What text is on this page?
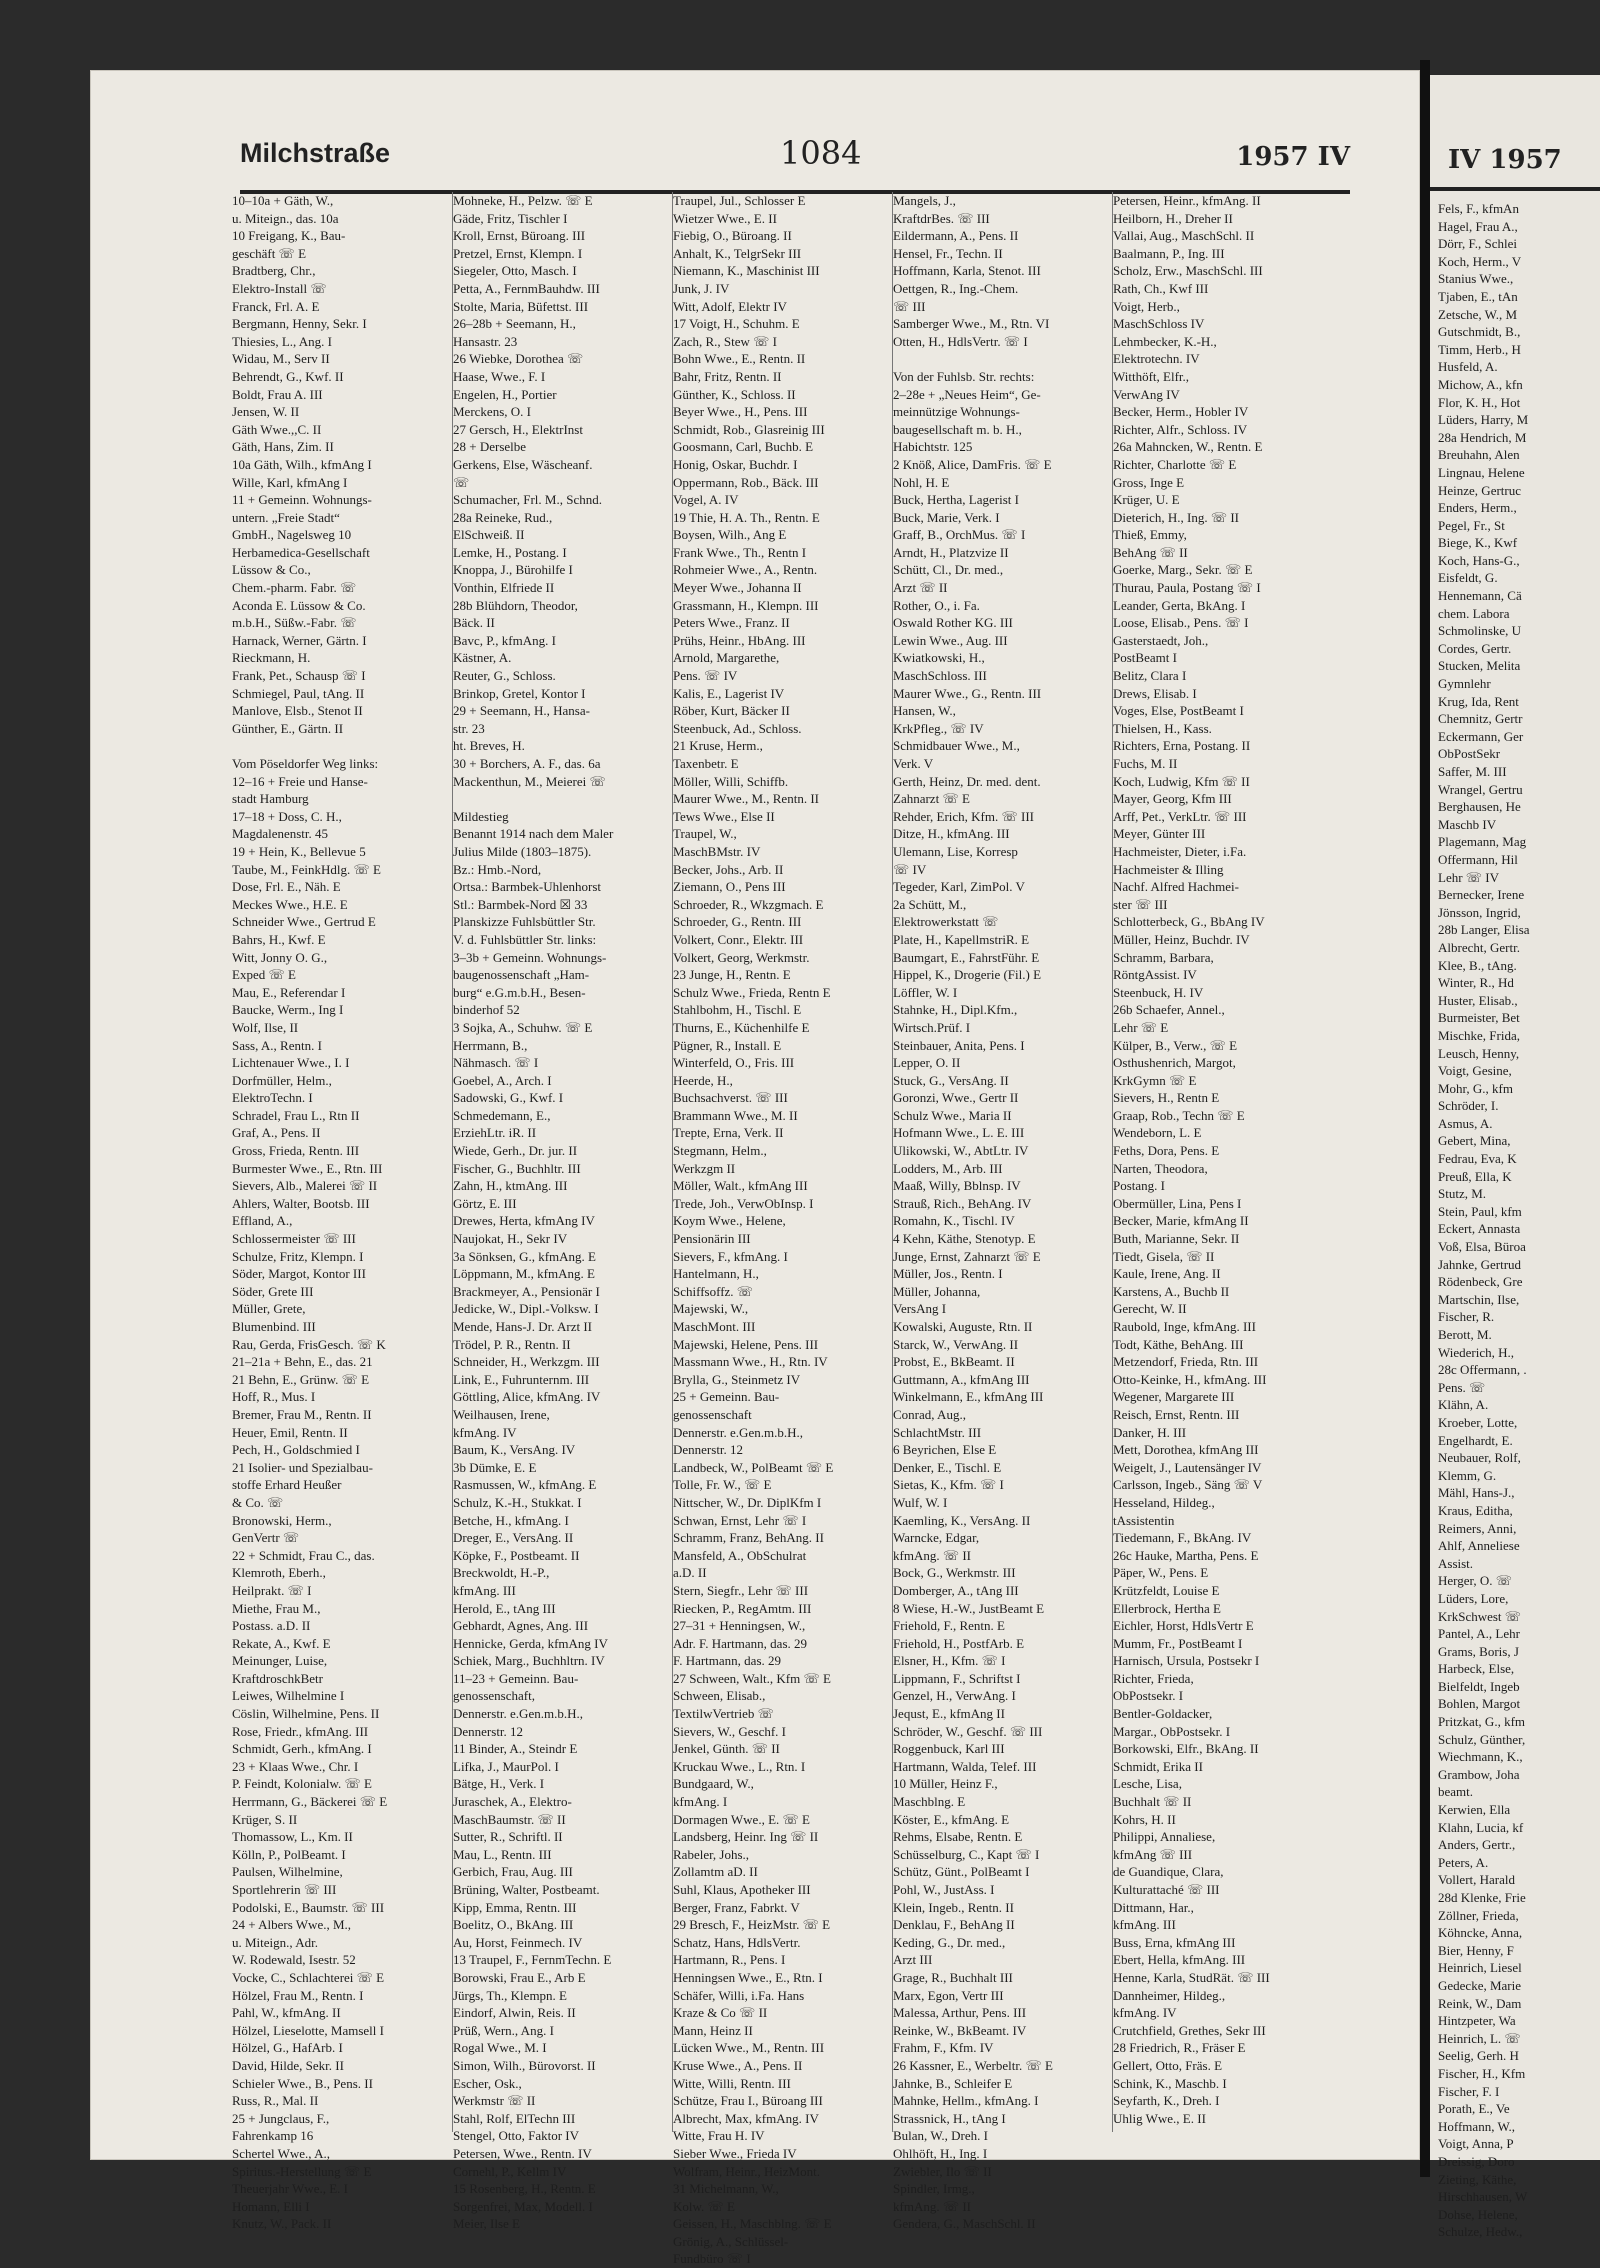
Milchstraße	1084	1957 IV

10–10a + Gäth, W.,

u. Miteign., das. 10a

10 Freigang, K., Bau-

geschäft ☏ E

Bradtberg, Chr.,

Elektro-Install ☏

Franck, Frl. A. E

Bergmann, Henny, Sekr. I

Thiesies, L., Ang. I

Widau, M., Serv II

Behrendt, G., Kwf. II

Boldt, Frau A. III

Jensen, W. II

Gäth Wwe.,,C. II

Gäth, Hans, Zim. II

10a Gäth, Wilh., kfmAng I

Wille, Karl, kfmAng I

11 + Gemeinn. Wohnungs-

untern. „Freie Stadt“

GmbH., Nagelsweg 10

Herbamedica-Gesellschaft

Lüssow & Co.,

Chem.-pharm. Fabr. ☏

Aconda E. Lüssow & Co.

m.b.H., Süßw.-Fabr. ☏

Harnack, Werner, Gärtn. I

Rieckmann, H.

Frank, Pet., Schausp ☏ I

Schmiegel, Paul, tAng. II

Manlove, Elsb., Stenot II

Günther, E., Gärtn. II

Vom Pöseldorfer Weg links:

12–16 + Freie und Hanse-

stadt Hamburg

17–18 + Doss, C. H.,

Magdalenenstr. 45

19 + Hein, K., Bellevue 5

Taube, M., FeinkHdlg. ☏ E

Dose, Frl. E., Näh. E

Meckes Wwe., H.E. E

Schneider Wwe., Gertrud E

Bahrs, H., Kwf. E

Witt, Jonny O. G.,

Exped ☏ E

Mau, E., Referendar I

Baucke, Werm., Ing I

Wolf, Ilse, II

Sass, A., Rentn. I

Lichtenauer Wwe., I. I

Dorfmüller, Helm.,

ElektroTechn. I

Schradel, Frau L., Rtn II

Graf, A., Pens. II

Gross, Frieda, Rentn. III

Burmester Wwe., E., Rtn. III

Sievers, Alb., Malerei ☏ II

Ahlers, Walter, Bootsb. III

Effland, A.,

Schlossermeister ☏ III

Schulze, Fritz, Klempn. I

Söder, Margot, Kontor III

Söder, Grete III

Müller, Grete,

Blumenbind. III

Rau, Gerda, FrisGesch. ☏ K

21–21a + Behn, E., das. 21

21 Behn, E., Grünw. ☏ E

Hoff, R., Mus. I

Bremer, Frau M., Rentn. II

Heuer, Emil, Rentn. II

Pech, H., Goldschmied I

21 Isolier- und Spezialbau-

stoffe Erhard Heußer

& Co. ☏

Bronowski, Herm.,

GenVertr ☏

22 + Schmidt, Frau C., das.

Klemroth, Eberh.,

Heilprakt. ☏ I

Miethe, Frau M.,

Postass. a.D. II

Rekate, A., Kwf. E

Meinunger, Luise,

KraftdroschkBetr

Leiwes, Wilhelmine I

Cöslin, Wilhelmine, Pens. II

Rose, Friedr., kfmAng. III

Schmidt, Gerh., kfmAng. I

23 + Klaas Wwe., Chr. I

P. Feindt, Kolonialw. ☏ E

Herrmann, G., Bäckerei ☏ E

Krüger, S. II

Thomassow, L., Km. II

Kölln, P., PolBeamt. I

Paulsen, Wilhelmine,

Sportlehrerin ☏ III

Podolski, E., Baumstr. ☏ III

24 + Albers Wwe., M.,

u. Miteign., Adr.

W. Rodewald, Isestr. 52

Vocke, C., Schlachterei ☏ E

Hölzel, Frau M., Rentn. I

Pahl, W., kfmAng. II

Hölzel, Lieselotte, Mamsell I

Hölzel, G., HafArb. I

David, Hilde, Sekr. II

Schieler Wwe., B., Pens. II

Russ, R., Mal. II

25 + Jungclaus, F.,

Fahrenkamp 16

Schertel Wwe., A.,

Spiritus.-Herstellung ☏ E

Theuerjahr Wwe., E. I

Homann, Elli I

Knutz, W., Pack. II

Mohneke, H., Pelzw. ☏ E

Gäde, Fritz, Tischler I

Kroll, Ernst, Büroang. III

Pretzel, Ernst, Klempn. I

Siegeler, Otto, Masch. I

Petta, A., FernmBauhdw. III

Stolte, Maria, Büfettst. III

26–28b + Seemann, H.,

Hansastr. 23

26 Wiebke, Dorothea ☏

Haase, Wwe., F. I

Engelen, H., Portier

Merckens, O. I

27 Gersch, H., ElektrInst

28 + Derselbe

Gerkens, Else, Wäscheanf.

☏

Schumacher, Frl. M., Schnd.

28a Reineke, Rud.,

ElSchweiß. II

Lemke, H., Postang. I

Knoppa, J., Bürohilfe I

Vonthin, Elfriede II

28b Blühdorn, Theodor,

Bäck. II

Bavc, P., kfmAng. I

Kästner, A.

Reuter, G., Schloss.

Brinkop, Gretel, Kontor I

29 + Seemann, H., Hansa-

str. 23

ht. Breves, H.

30 + Borchers, A. F., das. 6a

Mackenthun, M., Meierei ☏

Mildestieg

Benannt 1914 nach dem Maler

Julius Milde (1803–1875).

Bz.: Hmb.-Nord,

Ortsa.: Barmbek-Uhlenhorst

Stl.: Barmbek-Nord ☒ 33

Planskizze Fuhlsbüttler Str.

V. d. Fuhlsbüttler Str. links:

3–3b + Gemeinn. Wohnungs-

baugenossenschaft „Ham-

burg“ e.G.m.b.H., Besen-

binderhof 52

3 Sojka, A., Schuhw. ☏ E

Herrmann, B.,

Nähmasch. ☏ I

Goebel, A., Arch. I

Sadowski, G., Kwf. I

Schmedemann, E.,

ErziehLtr. iR. II

Wiede, Gerh., Dr. jur. II

Fischer, G., Buchhltr. III

Zahn, H., ktmAng. III

Görtz, E. III

Drewes, Herta, kfmAng IV

Naujokat, H., Sekr IV

3a Sönksen, G., kfmAng. E

Löppmann, M., kfmAng. E

Brackmeyer, A., Pensionär I

Jedicke, W., Dipl.-Volksw. I

Mende, Hans-J. Dr. Arzt II

Trödel, P. R., Rentn. II

Schneider, H., Werkzgm. III

Link, E., Fuhrunternm. III

Göttling, Alice, kfmAng. IV

Weilhausen, Irene,

kfmAng. IV

Baum, K., VersAng. IV

3b Dümke, E. E

Rasmussen, W., kfmAng. E

Schulz, K.-H., Stukkat. I

Betche, H., kfmAng. I

Dreger, E., VersAng. II

Köpke, F., Postbeamt. II

Breckwoldt, H.-P.,

kfmAng. III

Herold, E., tAng III

Gebhardt, Agnes, Ang. III

Hennicke, Gerda, kfmAng IV

Schiek, Marg., Buchhltrn. IV

11–23 + Gemeinn. Bau-

genossenschaft,

Dennerstr. e.Gen.m.b.H.,

Dennerstr. 12

11 Binder, A., Steindr E

Lifka, J., MaurPol. I

Bätge, H., Verk. I

Juraschek, A., Elektro-

MaschBaumstr. ☏ II

Sutter, R., Schriftl. II

Mau, L., Rentn. III

Gerbich, Frau, Aug. III

Brüning, Walter, Postbeamt.

Kipp, Emma, Rentn. III

Boelitz, O., BkAng. III

Au, Horst, Feinmech. IV

13 Traupel, F., FernmTechn. E

Borowski, Frau E., Arb E

Jürgs, Th., Klempn. E

Eindorf, Alwin, Reis. II

Prüß, Wern., Ang. I

Rogal Wwe., M. I

Simon, Wilh., Bürovorst. II

Escher, Osk.,

Werkmstr ☏ II

Stahl, Rolf, ElTechn III

Stengel, Otto, Faktor IV

Petersen, Wwe., Rentn. IV

Cornehl, P., Kellm IV

15 Rosenberg, H., Rentn. E

Sorgenfrei, Max, Modell. I

Meier, Ilse E

Traupel, Jul., Schlosser E

Wietzer Wwe., E. II

Fiebig, O., Büroang. II

Anhalt, K., TelgrSekr III

Niemann, K., Maschinist III

Junk, J. IV

Witt, Adolf, Elektr IV

17 Voigt, H., Schuhm. E

Zach, R., Stew ☏ I

Bohn Wwe., E., Rentn. II

Bahr, Fritz, Rentn. II

Günther, K., Schloss. II

Beyer Wwe., H., Pens. III

Schmidt, Rob., Glasreinig III

Goosmann, Carl, Buchb. E

Honig, Oskar, Buchdr. I

Oppermann, Rob., Bäck. III

Vogel, A. IV

19 Thie, H. A. Th., Rentn. E

Boysen, Wilh., Ang E

Frank Wwe., Th., Rentn I

Rohmeier Wwe., A., Rentn.

Meyer Wwe., Johanna II

Grassmann, H., Klempn. III

Peters Wwe., Franz. II

Prühs, Heinr., HbAng. III

Arnold, Margarethe,

Pens. ☏ IV

Kalis, E., Lagerist IV

Röber, Kurt, Bäcker II

Steenbuck, Ad., Schloss.

21 Kruse, Herm.,

Taxenbetr. E

Möller, Willi, Schiffb.

Maurer Wwe., M., Rentn. II

Tews Wwe., Else II

Traupel, W.,

MaschBMstr. IV

Becker, Johs., Arb. II

Ziemann, O., Pens III

Schroeder, R., Wkzgmach. E

Schroeder, G., Rentn. III

Volkert, Conr., Elektr. III

Volkert, Georg, Werkmstr.

23 Junge, H., Rentn. E

Schulz Wwe., Frieda, Rentn E

Stahlbohm, H., Tischl. E

Thurns, E., Küchenhilfe E

Pügner, R., Install. E

Winterfeld, O., Fris. III

Heerde, H.,

Buchsachverst. ☏ III

Brammann Wwe., M. II

Trepte, Erna, Verk. II

Stegmann, Helm.,

Werkzgm II

Möller, Walt., kfmAng III

Trede, Joh., VerwObInsp. I

Koym Wwe., Helene,

Pensionärin III

Sievers, F., kfmAng. I

Hantelmann, H.,

Schiffsoffz. ☏

Majewski, W.,

MaschMont. III

Majewski, Helene, Pens. III

Massmann Wwe., H., Rtn. IV

Brylla, G., Steinmetz IV

25 + Gemeinn. Bau-

genossenschaft

Dennerstr. e.Gen.m.b.H.,

Dennerstr. 12

Landbeck, W., PolBeamt ☏ E

Tolle, Fr. W., ☏ E

Nittscher, W., Dr. DiplKfm I

Schwan, Ernst, Lehr ☏ I

Schramm, Franz, BehAng. II

Mansfeld, A., ObSchulrat

a.D. II

Stern, Siegfr., Lehr ☏ III

Riecken, P., RegAmtm. III

27–31 + Henningsen, W.,

Adr. F. Hartmann, das. 29

F. Hartmann, das. 29

27 Schween, Walt., Kfm ☏ E

Schween, Elisab.,

TextilwVertrieb ☏

Sievers, W., Geschf. I

Jenkel, Günth. ☏ II

Kruckau Wwe., L., Rtn. I

Bundgaard, W.,

kfmAng. I

Dormagen Wwe., E. ☏ E

Landsberg, Heinr. Ing ☏ II

Rabeler, Johs.,

Zollamtm aD. II

Suhl, Klaus, Apotheker III

Berger, Franz, Fabrkt. V

29 Bresch, F., HeizMstr. ☏ E

Schatz, Hans, HdlsVertr.

Hartmann, R., Pens. I

Henningsen Wwe., E., Rtn. I

Schäfer, Willi, i.Fa. Hans

Kraze & Co ☏ II

Mann, Heinz II

Lücken Wwe., M., Rentn. III

Kruse Wwe., A., Pens. II

Witte, Willi, Rentn. III

Schütze, Frau I., Büroang III

Albrecht, Max, kfmAng. IV

Witte, Frau H. IV

Sieber Wwe., Frieda IV

Wolfram, Heinr., HeizMont.

31 Michelmann, W.,

Kolw. ☏ E

Geissen, H., Maschblng. ☏ E

Grönig, A., Schlüssel-

Fundbüro ☏ I

Mangels, J.,

KraftdrBes. ☏ III

Eildermann, A., Pens. II

Hensel, Fr., Techn. II

Hoffmann, Karla, Stenot. III

Oettgen, R., Ing.-Chem.

☏ III

Samberger Wwe., M., Rtn. VI

Otten, H., HdlsVertr. ☏ I

Von der Fuhlsb. Str. rechts:

2–28e + „Neues Heim“, Ge-

meinnützige Wohnungs-

baugesellschaft m. b. H.,

Habichtstr. 125

2 Knöß, Alice, DamFris. ☏ E

Nohl, H. E

Buck, Hertha, Lagerist I

Buck, Marie, Verk. I

Graff, B., OrchMus. ☏ I

Arndt, H., Platzvize II

Schütt, Cl., Dr. med.,

Arzt ☏ II

Rother, O., i. Fa.

Oswald Rother KG. III

Lewin Wwe., Aug. III

Kwiatkowski, H.,

MaschSchloss. III

Maurer Wwe., G., Rentn. III

Hansen, W.,

KrkPfleg., ☏ IV

Schmidbauer Wwe., M.,

Verk. V

Gerth, Heinz, Dr. med. dent.

Zahnarzt ☏ E

Rehder, Erich, Kfm. ☏ III

Ditze, H., kfmAng. III

Ulemann, Lise, Korresp

☏ IV

Tegeder, Karl, ZimPol. V

2a Schütt, M.,

Elektrowerkstatt ☏

Plate, H., KapellmstriR. E

Baumgart, E., FahrstFühr. E

Hippel, K., Drogerie (Fil.) E

Löffler, W. I

Stahnke, H., Dipl.Kfm.,

Wirtsch.Prüf. I

Steinbauer, Anita, Pens. I

Lepper, O. II

Stuck, G., VersAng. II

Goronzi, Wwe., Gertr II

Schulz Wwe., Maria II

Hofmann Wwe., L. E. III

Ulikowski, W., AbtLtr. IV

Lodders, M., Arb. III

Maaß, Willy, Bblnsp. IV

Strauß, Rich., BehAng. IV

Romahn, K., Tischl. IV

4 Kehn, Käthe, Stenotyp. E

Junge, Ernst, Zahnarzt ☏ E

Müller, Jos., Rentn. I

Müller, Johanna,

VersAng I

Kowalski, Auguste, Rtn. II

Starck, W., VerwAng. II

Probst, E., BkBeamt. II

Guttmann, A., kfmAng III

Winkelmann, E., kfmAng III

Conrad, Aug.,

SchlachtMstr. III

6 Beyrichen, Else E

Denker, E., Tischl. E

Sietas, K., Kfm. ☏ I

Wulf, W. I

Kaemling, K., VersAng. II

Warncke, Edgar,

kfmAng. ☏ II

Bock, G., Werkmstr. III

Domberger, A., tAng III

8 Wiese, H.-W., JustBeamt E

Friehold, F., Rentn. E

Friehold, H., PostfArb. E

Elsner, H., Kfm. ☏ I

Lippmann, F., Schriftst I

Genzel, H., VerwAng. I

Jequst, E., kfmAng II

Schröder, W., Geschf. ☏ III

Roggenbuck, Karl III

Hartmann, Walda, Telef. III

10 Müller, Heinz F.,

Maschblng. E

Köster, E., kfmAng. E

Rehms, Elsabe, Rentn. E

Schüsselburg, C., Kapt ☏ I

Schütz, Günt., PolBeamt I

Pohl, W., JustAss. I

Klein, Ingeb., Rentn. II

Denklau, F., BehAng II

Keding, G., Dr. med.,

Arzt III

Grage, R., Buchhalt III

Marx, Egon, Vertr III

Malessa, Arthur, Pens. III

Reinke, W., BkBeamt. IV

Frahm, F., Kfm. IV

26 Kassner, E., Werbeltr. ☏ E

Jahnke, B., Schleifer E

Mahnke, Hellm., kfmAng. I

Strassnick, H., tAng I

Bulan, W., Dreh. I

Ohlhöft, H., Ing. I

Zwiebler, Ilo ☏ II

Spindler, Irmg.,

kfmAng. ☏ II

Gendera, G., MaschSchl. II

Petersen, Heinr., kfmAng. II

Heilborn, H., Dreher II

Vallai, Aug., MaschSchl. II

Baalmann, P., Ing. III

Scholz, Erw., MaschSchl. III

Rath, Ch., Kwf III

Voigt, Herb.,

MaschSchloss IV

Lehmbecker, K.-H.,

Elektrotechn. IV

Witthöft, Elfr.,

VerwAng IV

Becker, Herm., Hobler IV

Richter, Alfr., Schloss. IV

26a Mahncken, W., Rentn. E

Richter, Charlotte ☏ E

Gross, Inge E

Krüger, U. E

Dieterich, H., Ing. ☏ II

Thieß, Emmy,

BehAng ☏ II

Goerke, Marg., Sekr. ☏ E

Thurau, Paula, Postang ☏ I

Leander, Gerta, BkAng. I

Loose, Elisab., Pens. ☏ I

Gasterstaedt, Joh.,

PostBeamt I

Belitz, Clara I

Drews, Elisab. I

Voges, Else, PostBeamt I

Thielsen, H., Kass.

Richters, Erna, Postang. II

Fuchs, M. II

Koch, Ludwig, Kfm ☏ II

Mayer, Georg, Kfm III

Arff, Pet., VerkLtr. ☏ III

Meyer, Günter III

Hachmeister, Dieter, i.Fa.

Hachmeister & Illing

Nachf. Alfred Hachmei-

ster ☏ III

Schlotterbeck, G., BbAng IV

Müller, Heinz, Buchdr. IV

Schramm, Barbara,

RöntgAssist. IV

Steenbuck, H. IV

26b Schaefer, Annel.,

Lehr ☏ E

Külper, B., Verw., ☏ E

Osthushenrich, Margot,

KrkGymn ☏ E

Sievers, H., Rentn E

Graap, Rob., Techn ☏ E

Wendeborn, L. E

Feths, Dora, Pens. E

Narten, Theodora,

Postang. I

Obermüller, Lina, Pens I

Becker, Marie, kfmAng II

Buth, Marianne, Sekr. II

Tiedt, Gisela, ☏ II

Kaule, Irene, Ang. II

Karstens, A., Buchb II

Gerecht, W. II

Raubold, Inge, kfmAng. III

Todt, Käthe, BehAng. III

Metzendorf, Frieda, Rtn. III

Otto-Keinke, H., kfmAng. III

Wegener, Margarete III

Reisch, Ernst, Rentn. III

Danker, H. III

Mett, Dorothea, kfmAng III

Weigelt, J., Lautensänger IV

Carlsson, Ingeb., Säng ☏ V

Hesseland, Hildeg.,

tAssistentin

Tiedemann, F., BkAng. IV

26c Hauke, Martha, Pens. E

Päper, W., Pens. E

Krützfeldt, Louise E

Ellerbrock, Hertha E

Eichler, Horst, HdlsVertr E

Mumm, Fr., PostBeamt I

Harnisch, Ursula, Postsekr I

Richter, Frieda,

ObPostsekr. I

Bentler-Goldacker,

Margar., ObPostsekr. I

Borkowski, Elfr., BkAng. II

Schmidt, Erika II

Lesche, Lisa,

Buchhalt ☏ II

Kohrs, H. II

Philippi, Annaliese,

kfmAng ☏ III

de Guandique, Clara,

Kulturattaché ☏ III

Dittmann, Har.,

kfmAng. III

Buss, Erna, kfmAng III

Ebert, Hella, kfmAng. III

Henne, Karla, StudRät. ☏ III

Dannheimer, Hildeg.,

kfmAng. IV

Crutchfield, Grethes, Sekr III

28 Friedrich, R., Fräser E

Gellert, Otto, Fräs. E

Schink, K., Maschb. I

Seyfarth, K., Dreh. I

Uhlig Wwe., E. II

IV 1957

Fels, F., kfmAn

Hagel, Frau A.,

Dörr, F., Schlei

Koch, Herm., V

Stanius Wwe.,

Tjaben, E., tAn

Zetsche, W., M

Gutschmidt, B.,

Timm, Herb., H

Husfeld, A.

Michow, A., kfn

Flor, K. H., Hot

Lüders, Harry, M

28a Hendrich, M

Breuhahn, Alen

Lingnau, Helene

Heinze, Gertruc

Enders, Herm.,

Pegel, Fr., St

Biege, K., Kwf

Koch, Hans-G.,

Eisfeldt, G.

Hennemann, Cä

chem. Labora

Schmolinske, U

Cordes, Gertr.

Stucken, Melita

Gymnlehr

Krug, Ida, Rent

Chemnitz, Gertr

Eckermann, Ger

ObPostSekr

Saffer, M. III

Wrangel, Gertru

Berghausen, He

Maschb IV

Plagemann, Mag

Offermann, Hil

Lehr ☏ IV

Bernecker, Irene

Jönsson, Ingrid,

28b Langer, Elisa

Albrecht, Gertr.

Klee, B., tAng.

Winter, R., Hd

Huster, Elisab.,

Burmeister, Bet

Mischke, Frida,

Leusch, Henny,

Voigt, Gesine,

Mohr, G., kfm

Schröder, I.

Asmus, A.

Gebert, Mina,

Fedrau, Eva, K

Preuß, Ella, K

Stutz, M.

Stein, Paul, kfm

Eckert, Annasta

Voß, Elsa, Büroa

Jahnke, Gertrud

Rödenbeck, Gre

Martschin, Ilse,

Fischer, R.

Berott, M.

Wiederich, H.,

28c Offermann, .

Pens. ☏

Klähn, A.

Kroeber, Lotte,

Engelhardt, E.

Neubauer, Rolf,

Klemm, G.

Mähl, Hans-J.,

Kraus, Editha,

Reimers, Anni,

Ahlf, Anneliese

Assist.

Herger, O. ☏

Lüders, Lore,

KrkSchwest ☏

Pantel, A., Lehr

Grams, Boris, J

Harbeck, Else,

Bielfeldt, Ingeb

Bohlen, Margot

Pritzkat, G., kfm

Schulz, Günther,

Wiechmann, K.,

Grambow, Joha

beamt.

Kerwien, Ella

Klahn, Lucia, kf

Anders, Gertr.,

Peters, A.

Vollert, Harald

28d Klenke, Frie

Zöllner, Frieda,

Köhncke, Anna,

Bier, Henny, F

Heinrich, Liesel

Gedecke, Marie

Reink, W., Dam

Hintzpeter, Wa

Heinrich, L. ☏

Seelig, Gerh. H

Fischer, H., Kfm

Fischer, F. I

Porath, E., Ve

Hoffmann, W.,

Voigt, Anna, P

Dreissig, Doro

Zieting, Käthe,

Hirschhausen, W

Dohse, Helene,

Schulze, Hedw.,
